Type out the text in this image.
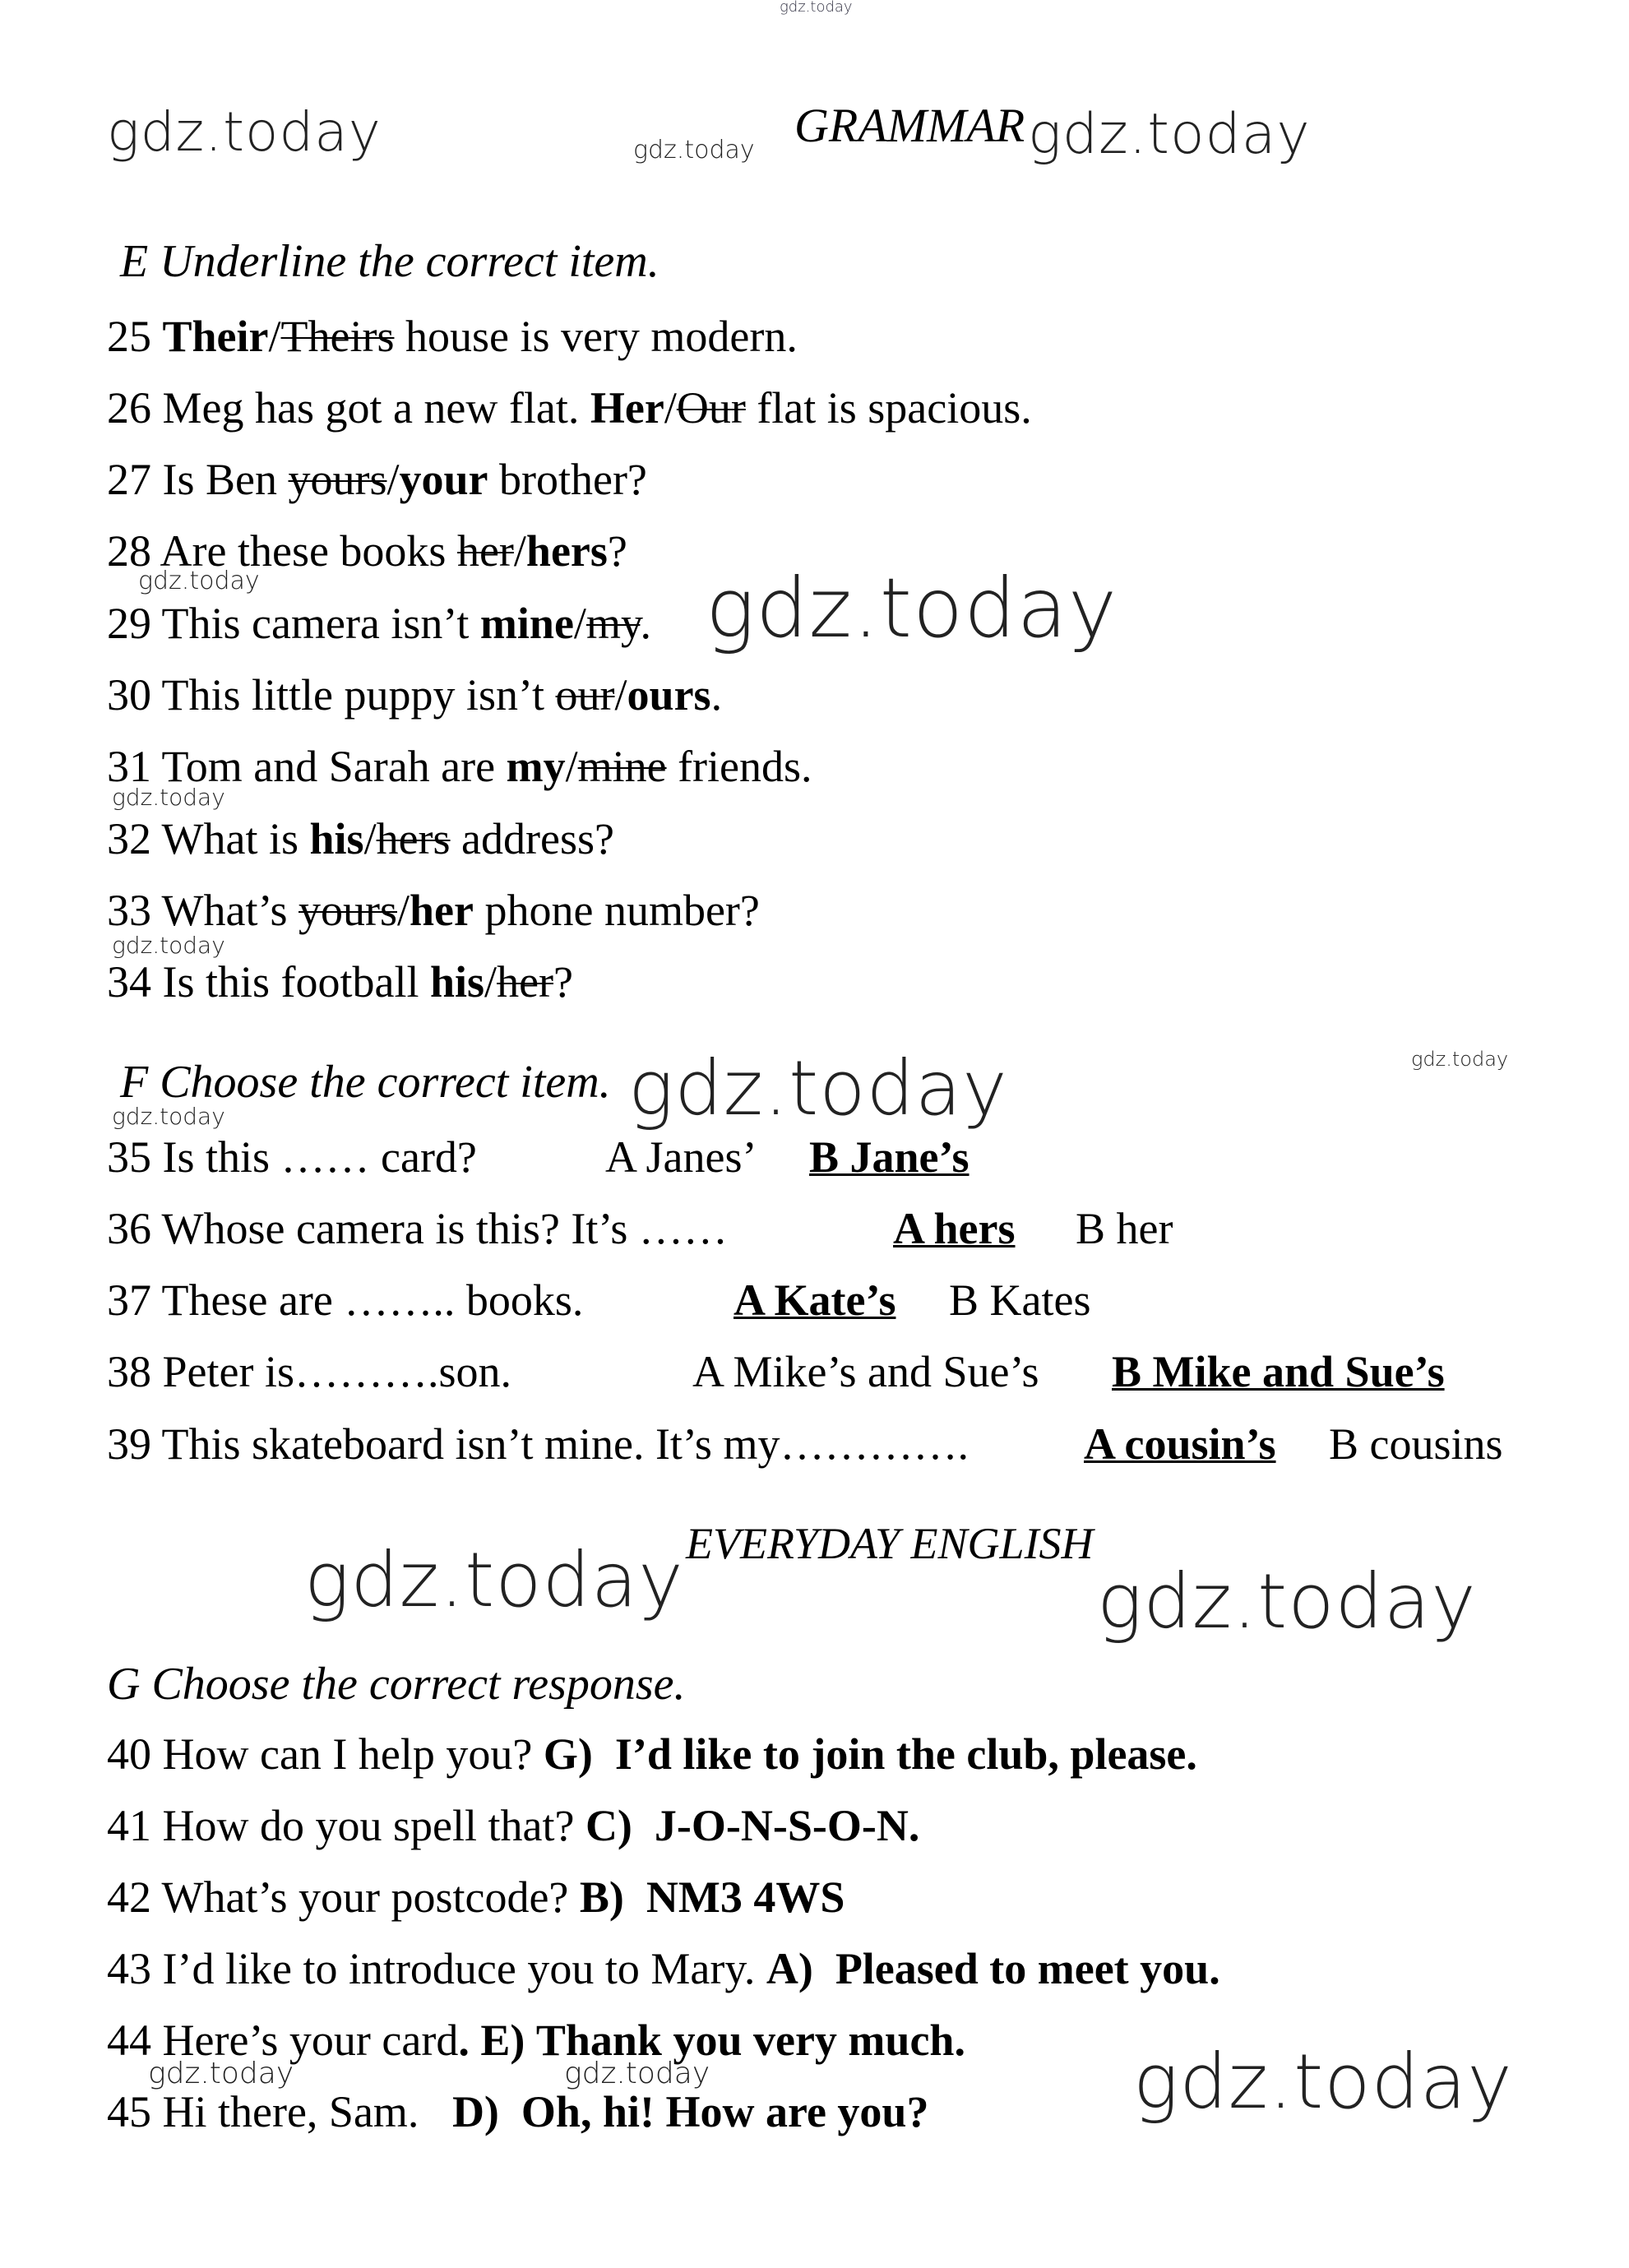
gdz.today
gdz.today	gdz.today GRAMMAR gdz.today
E Underline the correct item.
25 Their/Theirs house is very modern.
26 Meg has got a new flat. Her/Our flat is spacious.
27 Is Ben yours/your brother?
28 Are these books her/hers?
gdz.today
29 This camera isn’t mine/my. gdz.today
30 This little puppy isn’t our/ours.
31 Tom and Sarah are my/mine friends.
gdz.today
32 What is his/hers address?
33 What’s yours/her phone number?
gdz.today
34 Is this football his/her?
F Choose the correct item. gdz.today	gdz.today
gdz.today
35 Is this …… card?	A Janes’ B Jane’s
36 Whose camera is this? It’s ……	A hers B her
37 These are …….. books.	A Kate’s B Kates
38 Peter is……….son.	A Mike’s and Sue’s B Mike and Sue’s
39 This skateboard isn’t mine. It’s my………….	A cousin’s B cousins
gdz.today EVERYDAY ENGLISH
gdz.today
G Choose the correct response.
40 How can I help you? G) I’d like to join the club, please.
41 How do you spell that? C) J-O-N-S-O-N.
42 What’s your postcode? B) NM3 4WS
43 I’d like to introduce you to Mary. A) Pleased to meet you.
44 Here’s your card. E) Thank you very much.
gdz.today	gdz.today
45 Hi there, Sam. D) Oh, hi! How are you?	gdz.today
